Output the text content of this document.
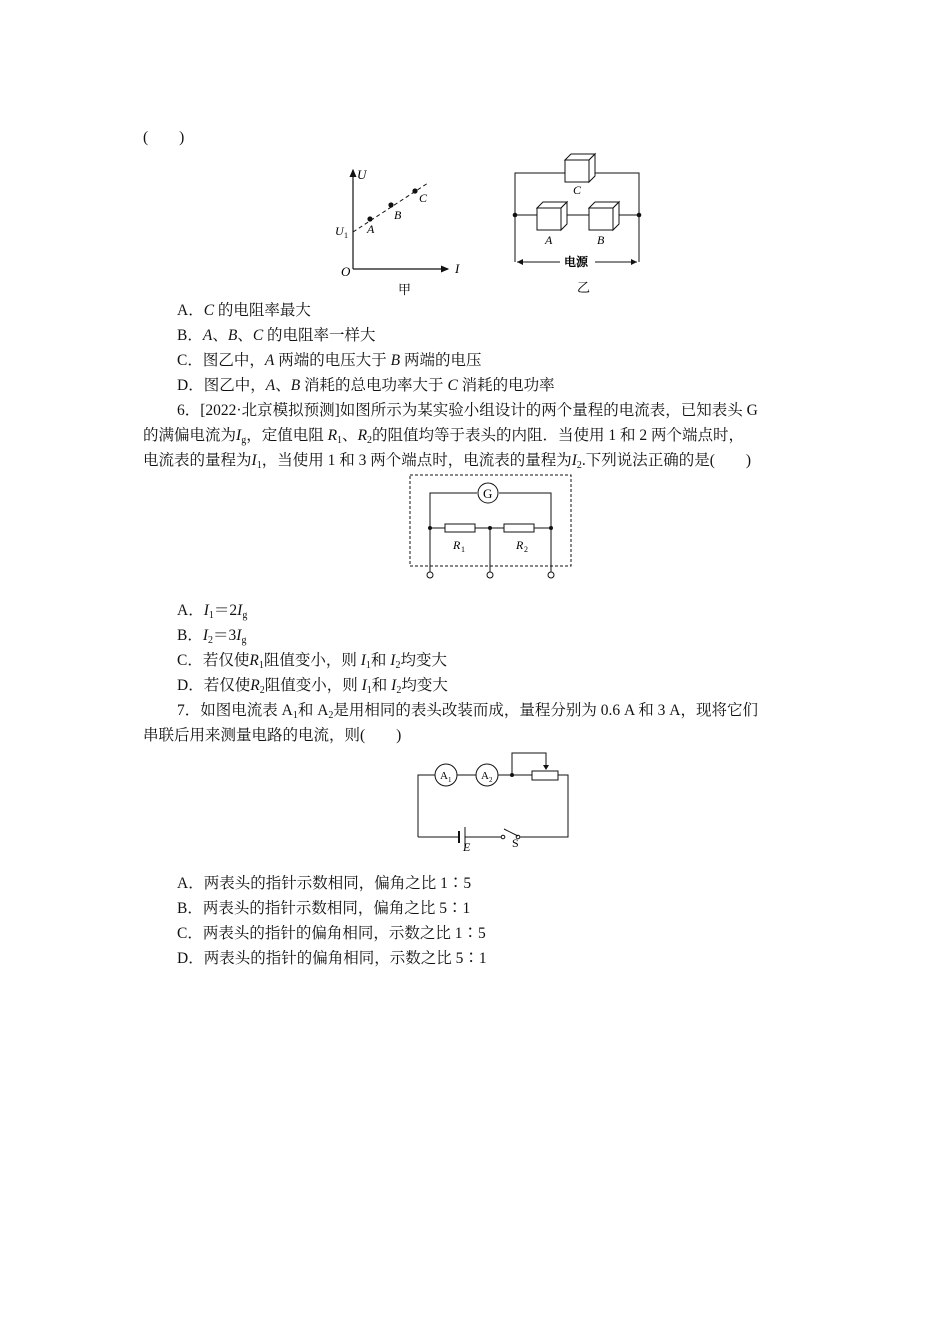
(　　)
U
I
O
U 1 A
B
C
甲
C
A	B
电源
乙
A．C 的电阻率最大
B．A、B、C 的电阻率一样大
C．图乙中，A 两端的电压大于 B 两端的电压
D．图乙中，A、B 消耗的总电功率大于 C 消耗的电功率
6．[2022·北京模拟预测]如图所示为某实验小组设计的两个量程的电流表，已知表头 G
的满偏电流为$I_g$，定值电阻 $R_1$、$R_2$的阻值均等于表头的内阻．当使用 1 和 2 两个端点时，
电流表的量程为$I_1$，当使用 1 和 3 两个端点时，电流表的量程为$I_2$.下列说法正确的是(　　)
G
R 1	R 2
A．$I_1=2I_g$
B．$I_2=3I_g$
C．若仅使$R_1$阻值变小，则 $I_1$和 $I_2$均变大
D．若仅使$R_2$阻值变小，则 $I_1$和 $I_2$均变大
7．如图电流表 $A_1$和 $A_2$是用相同的表头改装而成，量程分别为 0.6 A 和 3 A，现将它们
串联后用来测量电路的电流，则(　　)
A 1	A 2
E	S
A．两表头的指针示数相同，偏角之比 1∶5
B．两表头的指针示数相同，偏角之比 5∶1
C．两表头的指针的偏角相同，示数之比 1∶5
D．两表头的指针的偏角相同，示数之比 5∶1
